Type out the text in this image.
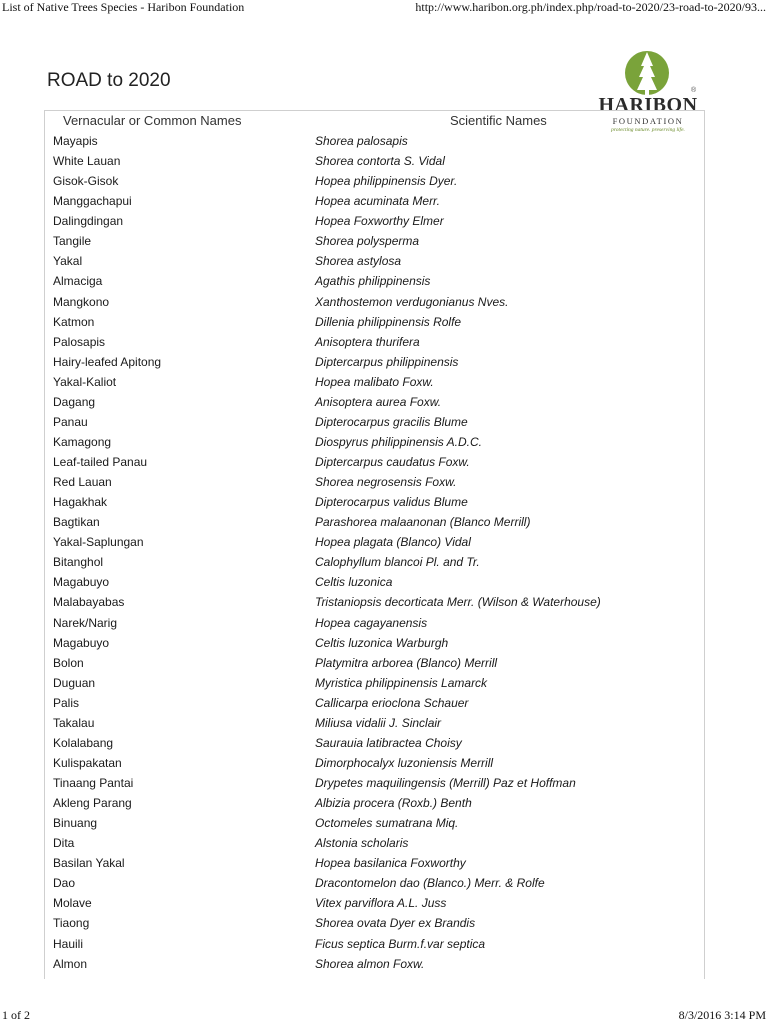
List of Native Trees Species - Haribon Foundation	http://www.haribon.org.ph/index.php/road-to-2020/23-road-to-2020/93...
ROAD to 2020
HARIBON
®
FOUNDATION
protecting nature. preserving life.
Vernacular or Common Names	Scientific Names
Mayapis	Shorea palosapis
White Lauan	Shorea contorta S. Vidal
Gisok-Gisok	Hopea philippinensis Dyer.
Manggachapui	Hopea acuminata Merr.
Dalingdingan	Hopea Foxworthy Elmer
Tangile	Shorea polysperma
Yakal	Shorea astylosa
Almaciga	Agathis philippinensis
Mangkono	Xanthostemon verdugonianus Nves.
Katmon	Dillenia philippinensis Rolfe
Palosapis	Anisoptera thurifera
Hairy-leafed Apitong	Diptercarpus philippinensis
Yakal-Kaliot	Hopea malibato Foxw.
Dagang	Anisoptera aurea Foxw.
Panau	Dipterocarpus gracilis Blume
Kamagong	Diospyrus philippinensis A.D.C.
Leaf-tailed Panau	Diptercarpus caudatus Foxw.
Red Lauan	Shorea negrosensis Foxw.
Hagakhak	Dipterocarpus validus Blume
Bagtikan	Parashorea malaanonan (Blanco Merrill)
Yakal-Saplungan	Hopea plagata (Blanco) Vidal
Bitanghol	Calophyllum blancoi Pl. and Tr.
Magabuyo	Celtis luzonica
Malabayabas	Tristaniopsis decorticata Merr. (Wilson & Waterhouse)
Narek/Narig	Hopea cagayanensis
Magabuyo	Celtis luzonica Warburgh
Bolon	Platymitra arborea (Blanco) Merrill
Duguan	Myristica philippinensis Lamarck
Palis	Callicarpa erioclona Schauer
Takalau	Miliusa vidalii J. Sinclair
Kolalabang	Saurauia latibractea Choisy
Kulispakatan	Dimorphocalyx luzoniensis Merrill
Tinaang Pantai	Drypetes maquilingensis (Merrill) Paz et Hoffman
Akleng Parang	Albizia procera (Roxb.) Benth
Binuang	Octomeles sumatrana Miq.
Dita	Alstonia scholaris
Basilan Yakal	Hopea basilanica Foxworthy
Dao	Dracontomelon dao (Blanco.) Merr. & Rolfe
Molave	Vitex parviflora A.L. Juss
Tiaong	Shorea ovata Dyer ex Brandis
Hauili	Ficus septica Burm.f.var septica
Almon	Shorea almon Foxw.
1 of 2	8/3/2016 3:14 PM
